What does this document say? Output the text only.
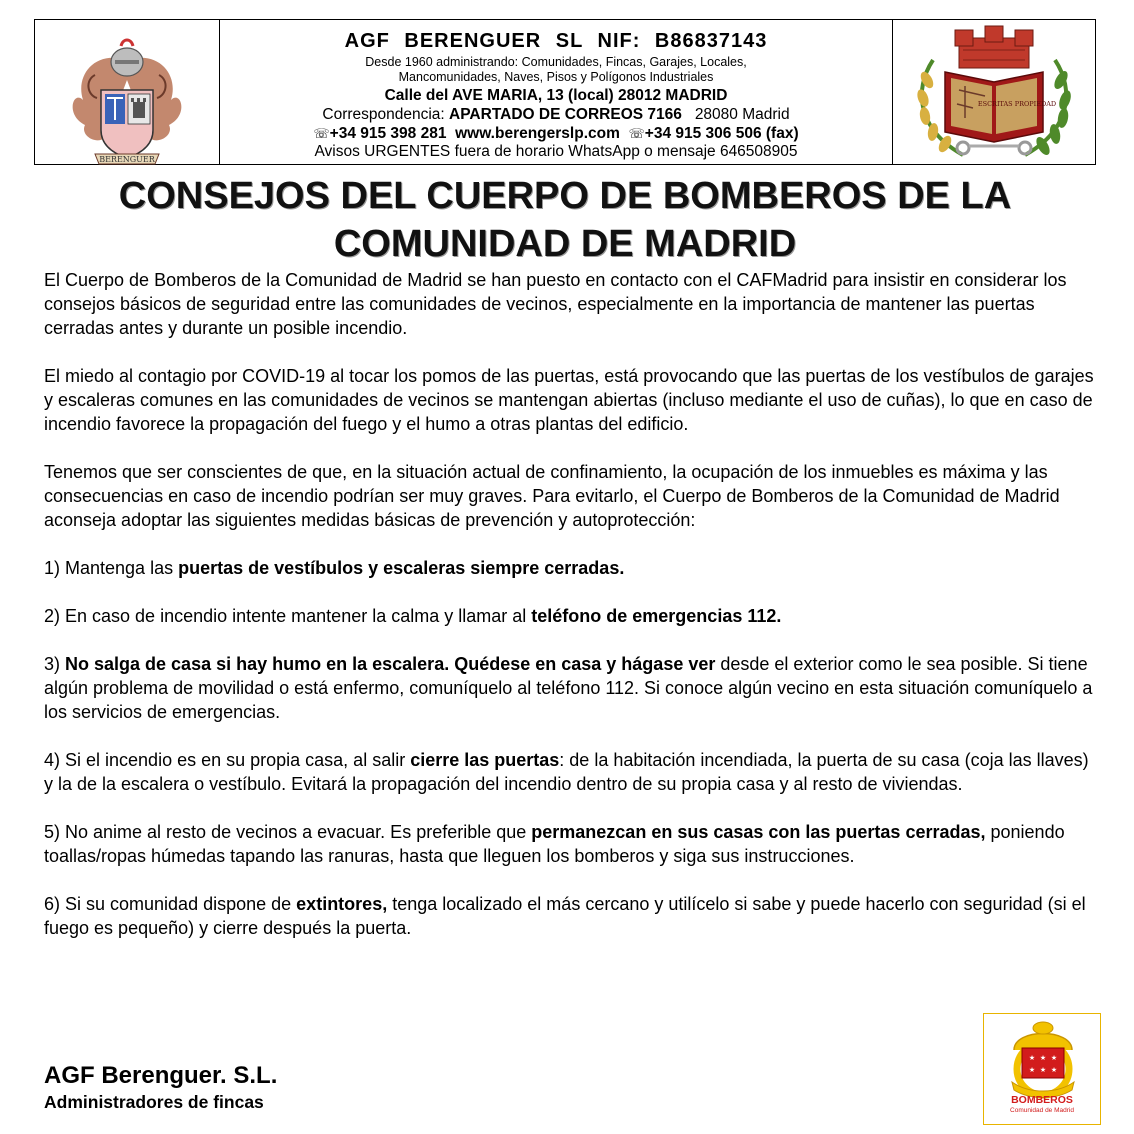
BERENGUER
AGF BERENGUER SL NIF: B86837143
Desde 1960 administrando: Comunidades, Fincas, Garajes, Locales,
Mancomunidades, Naves, Pisos y Polígonos Industriales
Calle del AVE MARIA, 13 (local) 28012 MADRID
Correspondencia: APARTADO DE CORREOS 7166 28080 Madrid
☏+34 915 398 281 www.berengerslp.com ☏+34 915 306 506 (fax)
Avisos URGENTES fuera de horario WhatsApp o mensaje 646508905
ESCRITAS PROPIEDAD
CONSEJOS DEL CUERPO DE BOMBEROS DE LA COMUNIDAD DE MADRID

El Cuerpo de Bomberos de la Comunidad de Madrid se han puesto en contacto con el CAFMadrid para insistir en considerar los consejos básicos de seguridad entre las comunidades de vecinos, especialmente en la importancia de mantener las puertas cerradas antes y durante un posible incendio.

El miedo al contagio por COVID-19 al tocar los pomos de las puertas, está provocando que las puertas de los vestíbulos de garajes y escaleras comunes en las comunidades de vecinos se mantengan abiertas (incluso mediante el uso de cuñas), lo que en caso de incendio favorece la propagación del fuego y el humo a otras plantas del edificio.

Tenemos que ser conscientes de que, en la situación actual de confinamiento, la ocupación de los inmuebles es máxima y las consecuencias en caso de incendio podrían ser muy graves. Para evitarlo, el Cuerpo de Bomberos de la Comunidad de Madrid aconseja adoptar las siguientes medidas básicas de prevención y autoprotección:

1) Mantenga las puertas de vestíbulos y escaleras siempre cerradas.

2) En caso de incendio intente mantener la calma y llamar al teléfono de emergencias 112.

3) No salga de casa si hay humo en la escalera. Quédese en casa y hágase ver desde el exterior como le sea posible. Si tiene algún problema de movilidad o está enfermo, comuníquelo al teléfono 112. Si conoce algún vecino en esta situación comuníquelo a los servicios de emergencias.

4) Si el incendio es en su propia casa, al salir cierre las puertas: de la habitación incendiada, la puerta de su casa (coja las llaves) y la de la escalera o vestíbulo. Evitará la propagación del incendio dentro de su propia casa y al resto de viviendas.

5) No anime al resto de vecinos a evacuar. Es preferible que permanezcan en sus casas con las puertas cerradas, poniendo toallas/ropas húmedas tapando las ranuras, hasta que lleguen los bomberos y siga sus instrucciones.

6) Si su comunidad dispone de extintores, tenga localizado el más cercano y utilícelo si sabe y puede hacerlo con seguridad (si el fuego es pequeño) y cierre después la puerta.

AGF Berenguer. S.L.
Administradores de fincas
★ ★ ★
★ ★ ★
BOMBEROS
Comunidad de Madrid
